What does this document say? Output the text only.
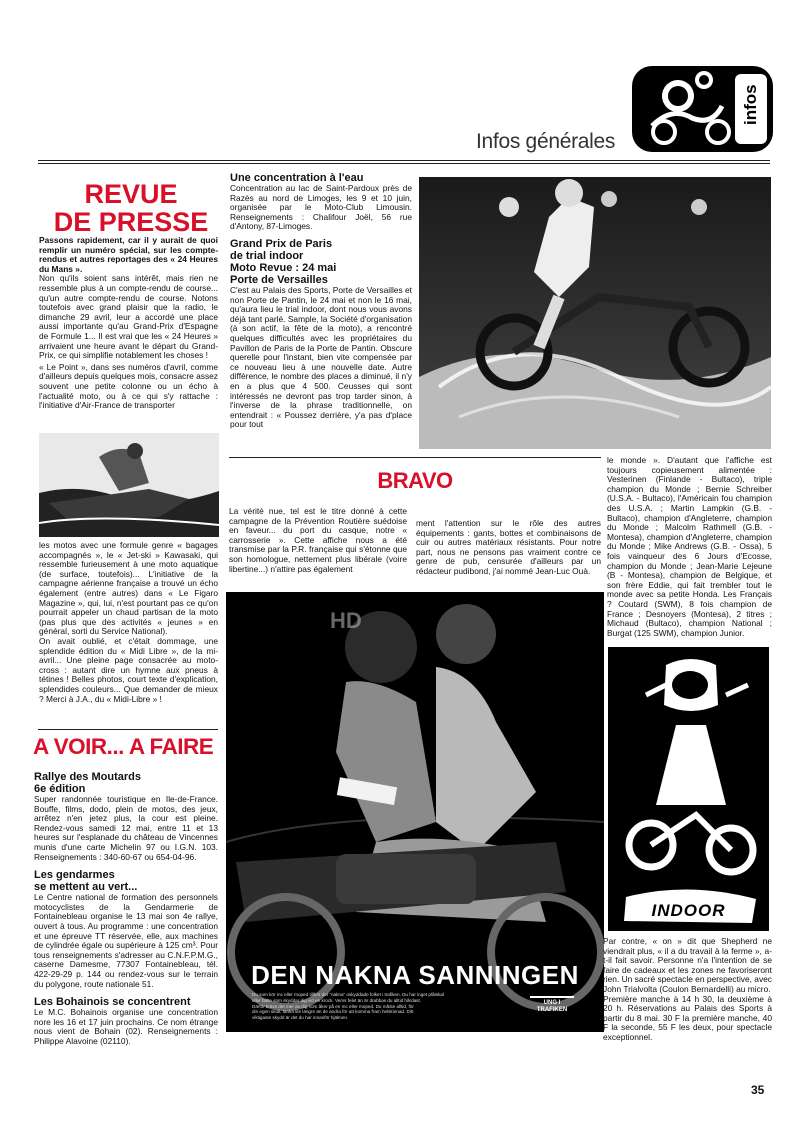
Infos générales
infos
REVUE
DE PRESSE

Passons rapidement, car il y aurait de quoi remplir un numéro spécial, sur les compte-rendus et autres reportages des « 24 Heures du Mans ».

Non qu'ils soient sans intérêt, mais rien ne ressemble plus à un compte-rendu de course... qu'un autre compte-rendu de course. Notons toutefois avec grand plaisir que la radio, le dimanche 29 avril, leur a accordé une place aussi importante qu'au Grand-Prix d'Espagne de Formule 1... Il est vrai que les « 24 Heures » arrivaient une heure avant le départ du Grand-Prix, ce qui simplifie notablement les choses !

« Le Point », dans ses numéros d'avril, comme d'ailleurs depuis quelques mois, consacre assez souvent une petite colonne ou un écho à l'actualité moto, ou à ce qui s'y rattache : l'initiative d'Air-France de transporter

les motos avec une formule genre « bagages accompagnés », le « Jet-ski » Kawasaki, qui ressemble furieusement à une moto aquatique (de surface, toutefois)... L'initiative de la campagne aérienne française a trouvé un écho également (entre autres) dans « Le Figaro Magazine », qui, lui, n'est pourtant pas ce qu'on pourrait appeler un chaud partisan de la moto (pas plus que des activités « jeunes » en général, sorti du Service National).
On avait oublié, et c'était dommage, une splendide édition du « Midi Libre », de la mi-avril... Une pleine page consacrée au moto-cross : autant dire un hymne aux pneus à tétines ! Belles photos, court texte d'explication, splendides couleurs... Que demander de mieux ? Merci à J.A., du « Midi-Libre » !

A VOIR... A FAIRE

Rallye des Moutards
6e édition

Super randonnée touristique en Ile-de-France. Bouffe, films, dodo, plein de motos, des jeux, arrêtez n'en jetez plus, la cour est pleine. Rendez-vous samedi 12 mai, entre 11 et 13 heures sur l'esplanade du château de Vincennes munis d'une carte Michelin 97 ou I.G.N. 103. Renseignements : 340-60-67 ou 654-04-96.

Les gendarmes
se mettent au vert...

Le Centre national de formation des personnels motocyclistes de la Gendarmerie de Fontainebleau organise le 13 mai son 4e rallye, ouvert à tous. Au programme : une concentration et une épreuve TT réservée, elle, aux machines de cylindrée égale ou supérieure à 125 cm³. Pour tous renseignements s'adresser au C.N.F.P.M.G., caserne Damesme, 77307 Fontainebleau, tél. 422-29-29 p. 144 ou rendez-vous sur le terrain du polygone, route nationale 51.

Les Bohainois se concentrent

Le M.C. Bohainois organise une concentration nore les 16 et 17 juin prochains. Ce nom étrange nous vient de Bohain (02). Renseignements : Philippe Alavoine (02110).

Une concentration à l'eau

Concentration au lac de Saint-Pardoux près de Razès au nord de Limoges, les 9 et 10 juin, organisée par le Moto-Club Limousin. Renseignements : Chalifour Joël, 56 rue d'Antony, 87-Limoges.

Grand Prix de Paris
de trial indoor
Moto Revue : 24 mai
Porte de Versailles

C'est au Palais des Sports, Porte de Versailles et non Porte de Pantin, le 24 mai et non le 16 mai, qu'aura lieu le trial indoor, dont nous vous avons déjà tant parlé. Sample, la Société d'organisation (à son actif, la fête de la moto), a rencontré quelques difficultés avec les propriétaires du Pavillon de Paris de la Porte de Pantin. Obscure querelle pour l'instant, bien vite compensée par ce nouveau lieu à une nouvelle date. Autre différence, le nombre des places a diminué, il n'y en a plus que 4 500. Ceusses qui sont intéressés ne devront pas trop tarder sinon, à l'inverse de la phrase traditionnelle, on entendrait : « Poussez derrière, y'a pas d'place pour tout

le monde ». D'autant que l'affiche est toujours copieusement alimentée : Vesterinen (Finlande - Bultaco), triple champion du Monde ; Bernie Schreiber (U.S.A. - Bultaco), l'Américain fou champion des U.S.A. ; Martin Lampkin (G.B. - Bultaco), champion d'Angleterre, champion du Monde ; Malcolm Rathmell (G.B. - Montesa), champion d'Angleterre, champion du Monde ; Mike Andrews (G.B. - Ossa), 5 fois vainqueur des 6 Jours d'Ecosse, champion du Monde ; Jean-Marie Lejeune (B - Montesa), champion de Belgique, et son frère Eddie, qui fait trembler tout le monde avec sa petite Honda. Les Français ? Coutard (SWM), 8 fois champion de France ; Desnoyers (Montesa), 2 titres ; Michaud (Bultaco), champion National ; Burgat (125 SWM), champion Junior.

BRAVO

La vérité nue, tel est le titre donné à cette campagne de la Prévention Routière suédoise en faveur... du port du casque, notre « carrosserie ». Cette affiche nous a été transmise par la P.R. française qui s'étonne que son homologue, nettement plus libérale (voire libertine...) n'attire pas également

ment l'attention sur le rôle des autres équipements : gants, bottes et combinaisons de cuir ou autres matériaux résistants. Pour notre part, nous ne pensons pas vraiment contre ce genre de pub, censurée d'ailleurs par un rédacteur pudibond, j'ai nommé Jean-Luc Ouà.

DEN NAKNA SANNINGEN
Du som kör mc eller moped tillhör det "nakna" oskyddade folket i trafiken. Du har inget plåtskal
eller bälte som skyddar dig vid en krock. Vems felet än är drabbas du alltid hårdast.
Därför krävs det mer av dig som åker på en mc eller moped. Du måste alltid, för
din egen skull, tänka lite längre än de andra för att komma fram helskinnad. Ditt
viktigaste skydd är det du har innanför hjälmen.
UNG I TRAFIKEN
HD
INDOOR

Par contre, « on » dit que Shepherd ne viendrait plus, « il a du travail à la ferme », a-t-il fait savoir. Personne n'a l'intention de se faire de cadeaux et les zones ne favoriseront rien. Un sacré spectacle en perspective, avec John Trialvolta (Coulon Bernardelli) au micro.
Première manche à 14 h 30, la deuxième à 20 h. Réservations au Palais des Sports à partir du 8 mai. 30 F la première manche, 40 F la seconde, 55 F les deux, pour spectacle exceptionnel.

35
